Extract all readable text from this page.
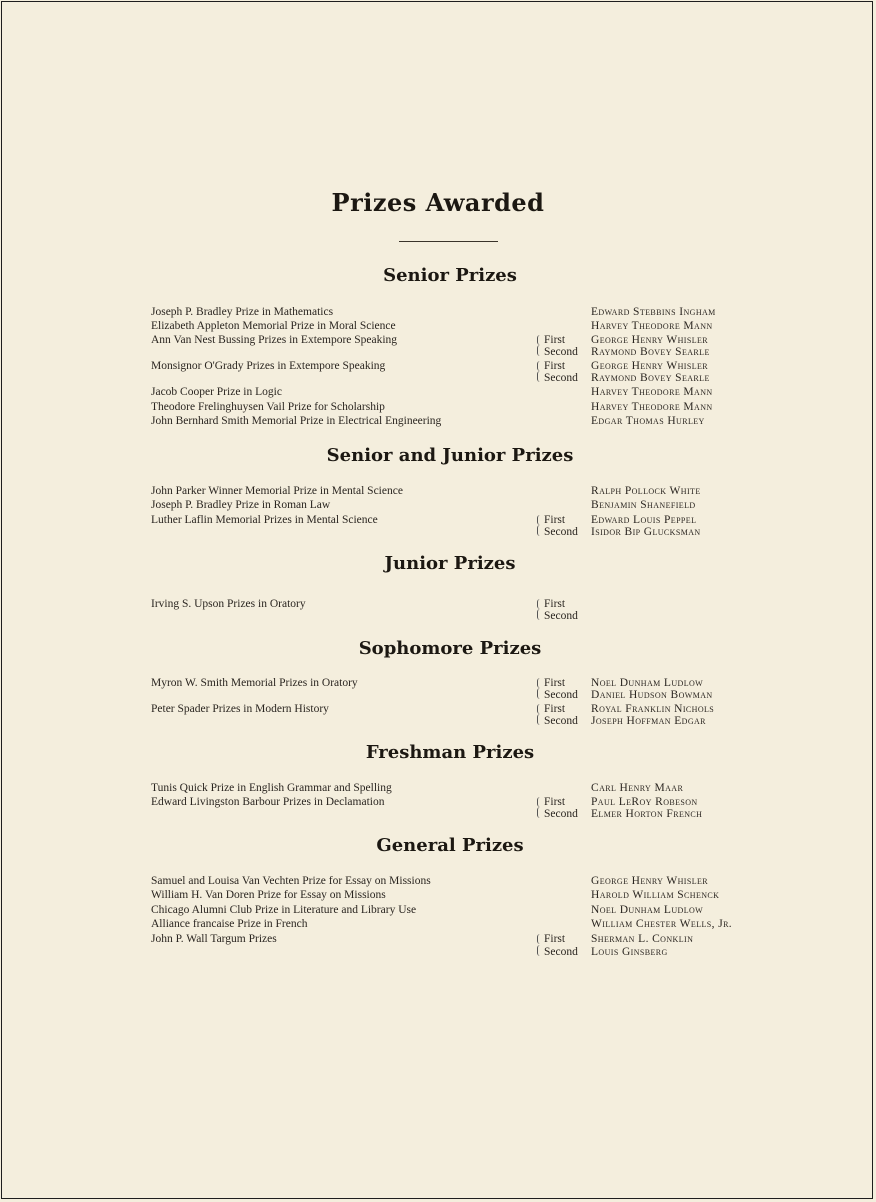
Prizes Awarded
Senior Prizes
Joseph P. Bradley Prize in Mathematics	Edward Stebbins Ingham
Elizabeth Appleton Memorial Prize in Moral Science	Harvey Theodore Mann
Ann Van Nest Bussing Prizes in Extempore Speaking	First George Henry Whisler
Second Raymond Bovey Searle
Monsignor O'Grady Prizes in Extempore Speaking	First George Henry Whisler
Second Raymond Bovey Searle
Jacob Cooper Prize in Logic	Harvey Theodore Mann
Theodore Frelinghuysen Vail Prize for Scholarship	Harvey Theodore Mann
John Bernhard Smith Memorial Prize in Electrical Engineering	Edgar Thomas Hurley
Senior and Junior Prizes
John Parker Winner Memorial Prize in Mental Science	Ralph Pollock White
Joseph P. Bradley Prize in Roman Law	Benjamin Shanefield
Luther Laflin Memorial Prizes in Mental Science	First Edward Louis Peppel
Second Isidor Bip Glucksman
Junior Prizes
Irving S. Upson Prizes in Oratory	First
Second
Sophomore Prizes
Myron W. Smith Memorial Prizes in Oratory	First Noel Dunham Ludlow
Second Daniel Hudson Bowman
Peter Spader Prizes in Modern History	First Royal Franklin Nichols
Second Joseph Hoffman Edgar
Freshman Prizes
Tunis Quick Prize in English Grammar and Spelling	Carl Henry Maar
Edward Livingston Barbour Prizes in Declamation	First Paul LeRoy Robeson
Second Elmer Horton French
General Prizes
Samuel and Louisa Van Vechten Prize for Essay on Missions	George Henry Whisler
William H. Van Doren Prize for Essay on Missions	Harold William Schenck
Chicago Alumni Club Prize in Literature and Library Use	Noel Dunham Ludlow
Alliance francaise Prize in French	William Chester Wells, Jr.
John P. Wall Targum Prizes	First Sherman L. Conklin
Second Louis Ginsberg
